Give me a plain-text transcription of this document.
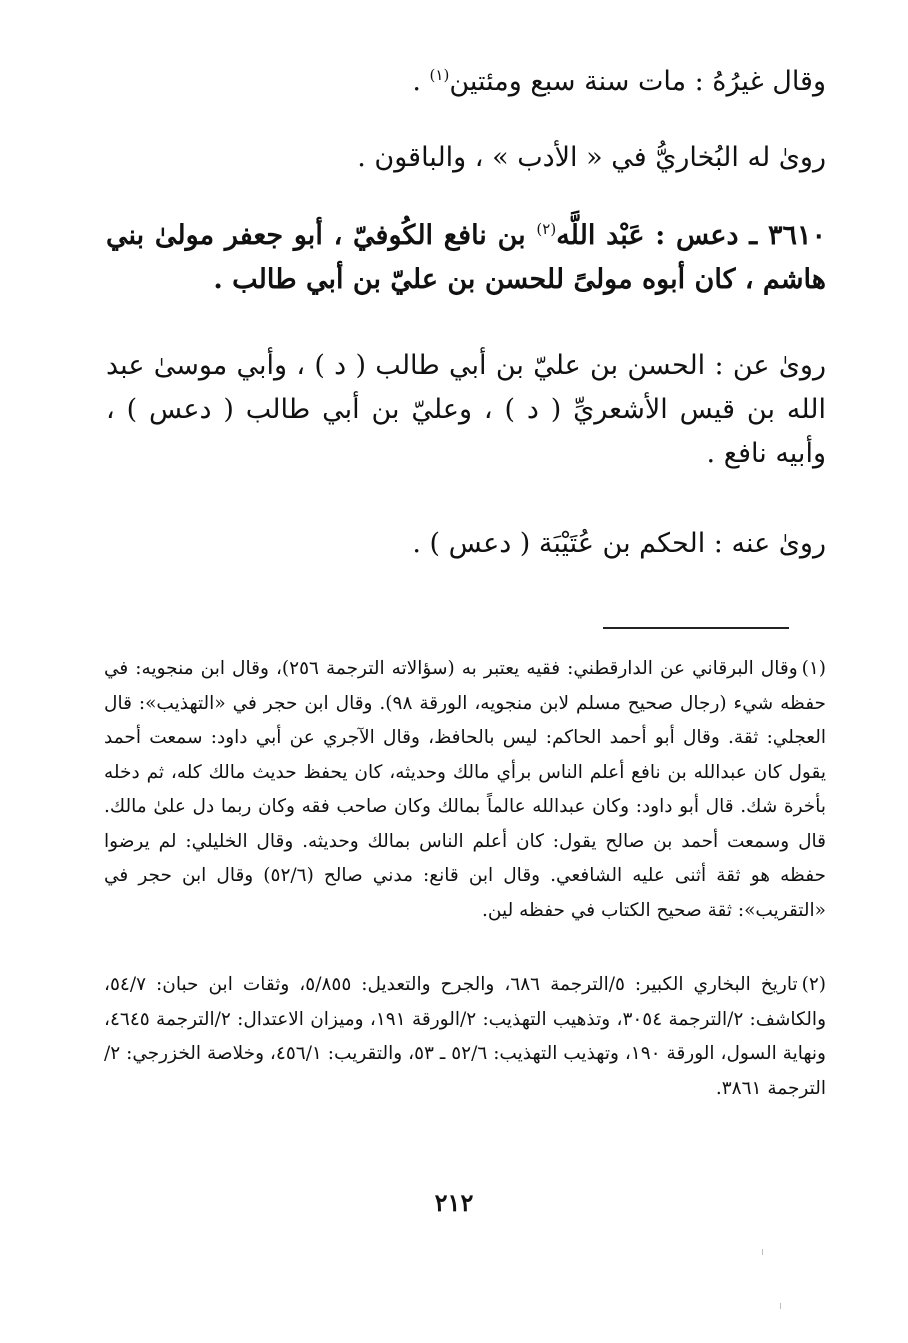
وقال غيرُهُ : مات سنة سبع ومئتين$^{(١)}$ .

رویٰ له البُخاريُّ في « الأدب » ، والباقون .

٣٦١٠ ـ دعس : عَبْد اللَّه$^{(٢)}$ بن نافع الكُوفيّ ، أبو جعفر مولىٰ بني هاشم ، كان أبوه مولىً للحسن بن عليّ بن أبي طالب .

رویٰ عن : الحسن بن عليّ بن أبي طالب ( د ) ، وأبي موسیٰ عبد الله بن قيس الأشعريِّ ( د ) ، وعليّ بن أبي طالب ( دعس ) ، وأبيه نافع .

رویٰ عنه : الحكم بن عُتَيْبَة ( دعس ) .

(١)وقال البرقاني عن الدارقطني: فقيه يعتبر به (سؤالاته الترجمة ٢٥٦)، وقال ابن منجويه: في حفظه شيء (رجال صحيح مسلم لابن منجويه، الورقة ٩٨). وقال ابن حجر في «التهذيب»: قال العجلي: ثقة. وقال أبو أحمد الحاكم: ليس بالحافظ، وقال الآجري عن أبي داود: سمعت أحمد يقول كان عبدالله بن نافع أعلم الناس برأي مالك وحديثه، كان يحفظ حديث مالك كله، ثم دخله بأخرة شك. قال أبو داود: وكان عبدالله عالماً بمالك وكان صاحب فقه وكان ربما دل علىٰ مالك. قال وسمعت أحمد بن صالح يقول: كان أعلم الناس بمالك وحديثه. وقال الخليلي: لم يرضوا حفظه هو ثقة أثنى عليه الشافعي. وقال ابن قانع: مدني صالح (٥٢/٦) وقال ابن حجر في «التقريب»: ثقة صحيح الكتاب في حفظه لين.

(٢)تاريخ البخاري الكبير: ٥/الترجمة ٦٨٦، والجرح والتعديل: ٥/٨٥٥، وثقات ابن حبان: ٥٤/٧، والكاشف: ٢/الترجمة ٣٠٥٤، وتذهيب التهذيب: ٢/الورقة ١٩١، وميزان الاعتدال: ٢/الترجمة ٤٦٤٥، ونهاية السول، الورقة ١٩٠، وتهذيب التهذيب: ٥٢/٦ ـ ٥٣، والتقريب: ٤٥٦/١، وخلاصة الخزرجي: ٢/الترجمة ٣٨٦١.

٢١٢
